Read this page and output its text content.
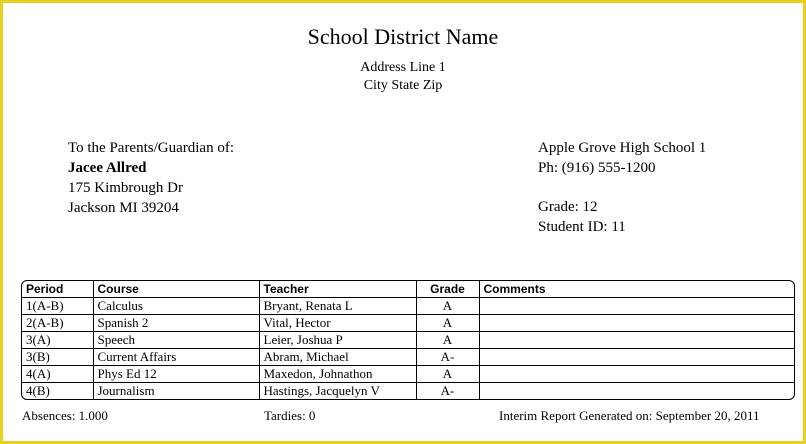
School District Name
Address Line 1
City State Zip
To the Parents/Guardian of:
Jacee Allred
175 Kimbrough Dr
Jackson MI 39204
Apple Grove High School 1
Ph: (916) 555-1200
Grade: 12
Student ID: 11
Period	Course	Teacher	Grade	Comments
1(A-B)	Calculus	Bryant, Renata L	A	
2(A-B)	Spanish 2	Vital, Hector	A	
3(A)	Speech	Leier, Joshua P	A	
3(B)	Current Affairs	Abram, Michael	A-	
4(A)	Phys Ed 12	Maxedon, Johnathon	A	
4(B)	Journalism	Hastings, Jacquelyn V	A-	
Absences: 1.000	Tardies: 0	Interim Report Generated on: September 20, 2011
